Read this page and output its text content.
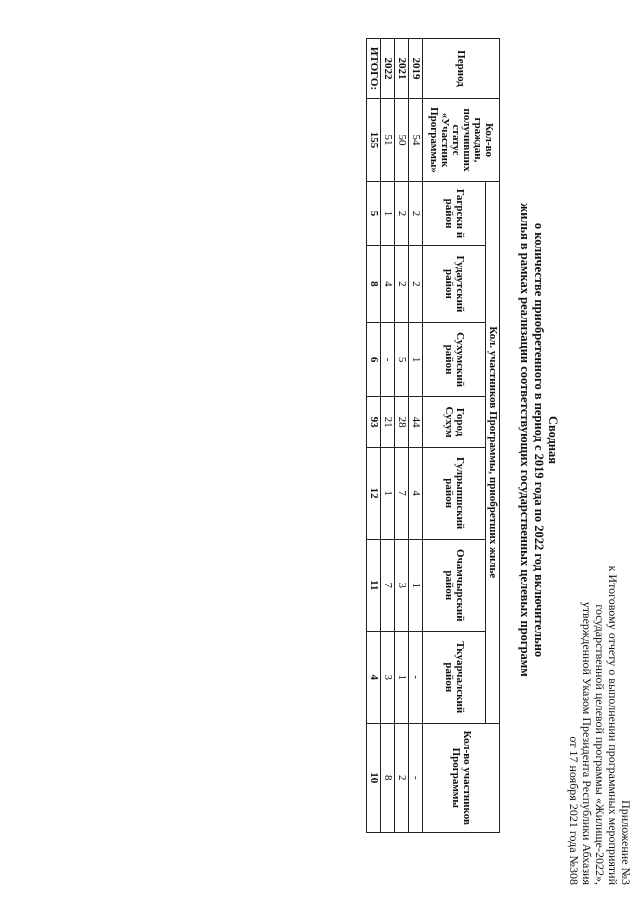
Приложение №3
к Итоговому отчету о выполнении программных мероприятий
государственной целевой программы «Жилище-2022»,
утвержденной Указом Президента Республики Абхазия
от 17 ноября 2021 года №308
Сводная
о количестве приобретенного в период с 2019 года по 2022 год включительно
жилья в рамках реализации соответствующих государственных целевых программ
Период	Кол-во граждан, получивших статус «Участник Программы»	Кол. участников Программы, приобретших жилье							Кол-во участников Программы
		Гагрски й район	Гудаутский район	Сухумский район	Город Сухум	Гулрыпшский район	Очамчырский район	Ткуарчалский район	
2019	54	2	2	1	44	4	1	-	-
2021	50	2	2	5	28	7	3	1	2
2022	51	1	4	-	21	1	7	3	8
ИТОГО:	155	5	8	6	93	12	11	4	10
